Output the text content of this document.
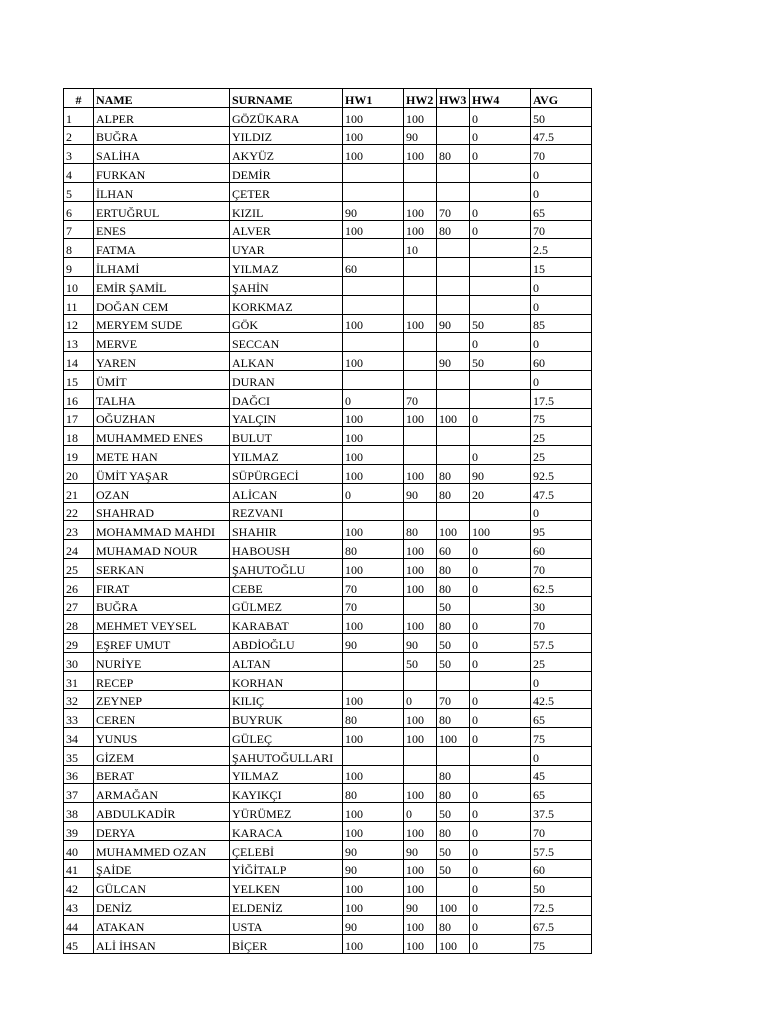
#	NAME	SURNAME	HW1	HW2	HW3	HW4	AVG
1	ALPER	GÖZÜKARA	100	100		0	50
2	BUĞRA	YILDIZ	100	90		0	47.5
3	SALİHA	AKYÜZ	100	100	80	0	70
4	FURKAN	DEMİR					0
5	İLHAN	ÇETER					0
6	ERTUĞRUL	KIZIL	90	100	70	0	65
7	ENES	ALVER	100	100	80	0	70
8	FATMA	UYAR		10			2.5
9	İLHAMİ	YILMAZ	60				15
10	EMİR ŞAMİL	ŞAHİN					0
11	DOĞAN CEM	KORKMAZ					0
12	MERYEM SUDE	GÖK	100	100	90	50	85
13	MERVE	SECCAN				0	0
14	YAREN	ALKAN	100		90	50	60
15	ÜMİT	DURAN					0
16	TALHA	DAĞCI	0	70			17.5
17	OĞUZHAN	YALÇIN	100	100	100	0	75
18	MUHAMMED ENES	BULUT	100				25
19	METE HAN	YILMAZ	100			0	25
20	ÜMİT YAŞAR	SÜPÜRGECİ	100	100	80	90	92.5
21	OZAN	ALİCAN	0	90	80	20	47.5
22	SHAHRAD	REZVANI					0
23	MOHAMMAD MAHDI	SHAHIR	100	80	100	100	95
24	MUHAMAD NOUR	HABOUSH	80	100	60	0	60
25	SERKAN	ŞAHUTOĞLU	100	100	80	0	70
26	FIRAT	CEBE	70	100	80	0	62.5
27	BUĞRA	GÜLMEZ	70		50		30
28	MEHMET VEYSEL	KARABAT	100	100	80	0	70
29	EŞREF UMUT	ABDİOĞLU	90	90	50	0	57.5
30	NURİYE	ALTAN		50	50	0	25
31	RECEP	KORHAN					0
32	ZEYNEP	KILIÇ	100	0	70	0	42.5
33	CEREN	BUYRUK	80	100	80	0	65
34	YUNUS	GÜLEÇ	100	100	100	0	75
35	GİZEM	ŞAHUTOĞULLARI					0
36	BERAT	YILMAZ	100		80		45
37	ARMAĞAN	KAYIKÇI	80	100	80	0	65
38	ABDULKADİR	YÜRÜMEZ	100	0	50	0	37.5
39	DERYA	KARACA	100	100	80	0	70
40	MUHAMMED OZAN	ÇELEBİ	90	90	50	0	57.5
41	ŞAİDE	YİĞİTALP	90	100	50	0	60
42	GÜLCAN	YELKEN	100	100		0	50
43	DENİZ	ELDENİZ	100	90	100	0	72.5
44	ATAKAN	USTA	90	100	80	0	67.5
45	ALİ İHSAN	BİÇER	100	100	100	0	75
